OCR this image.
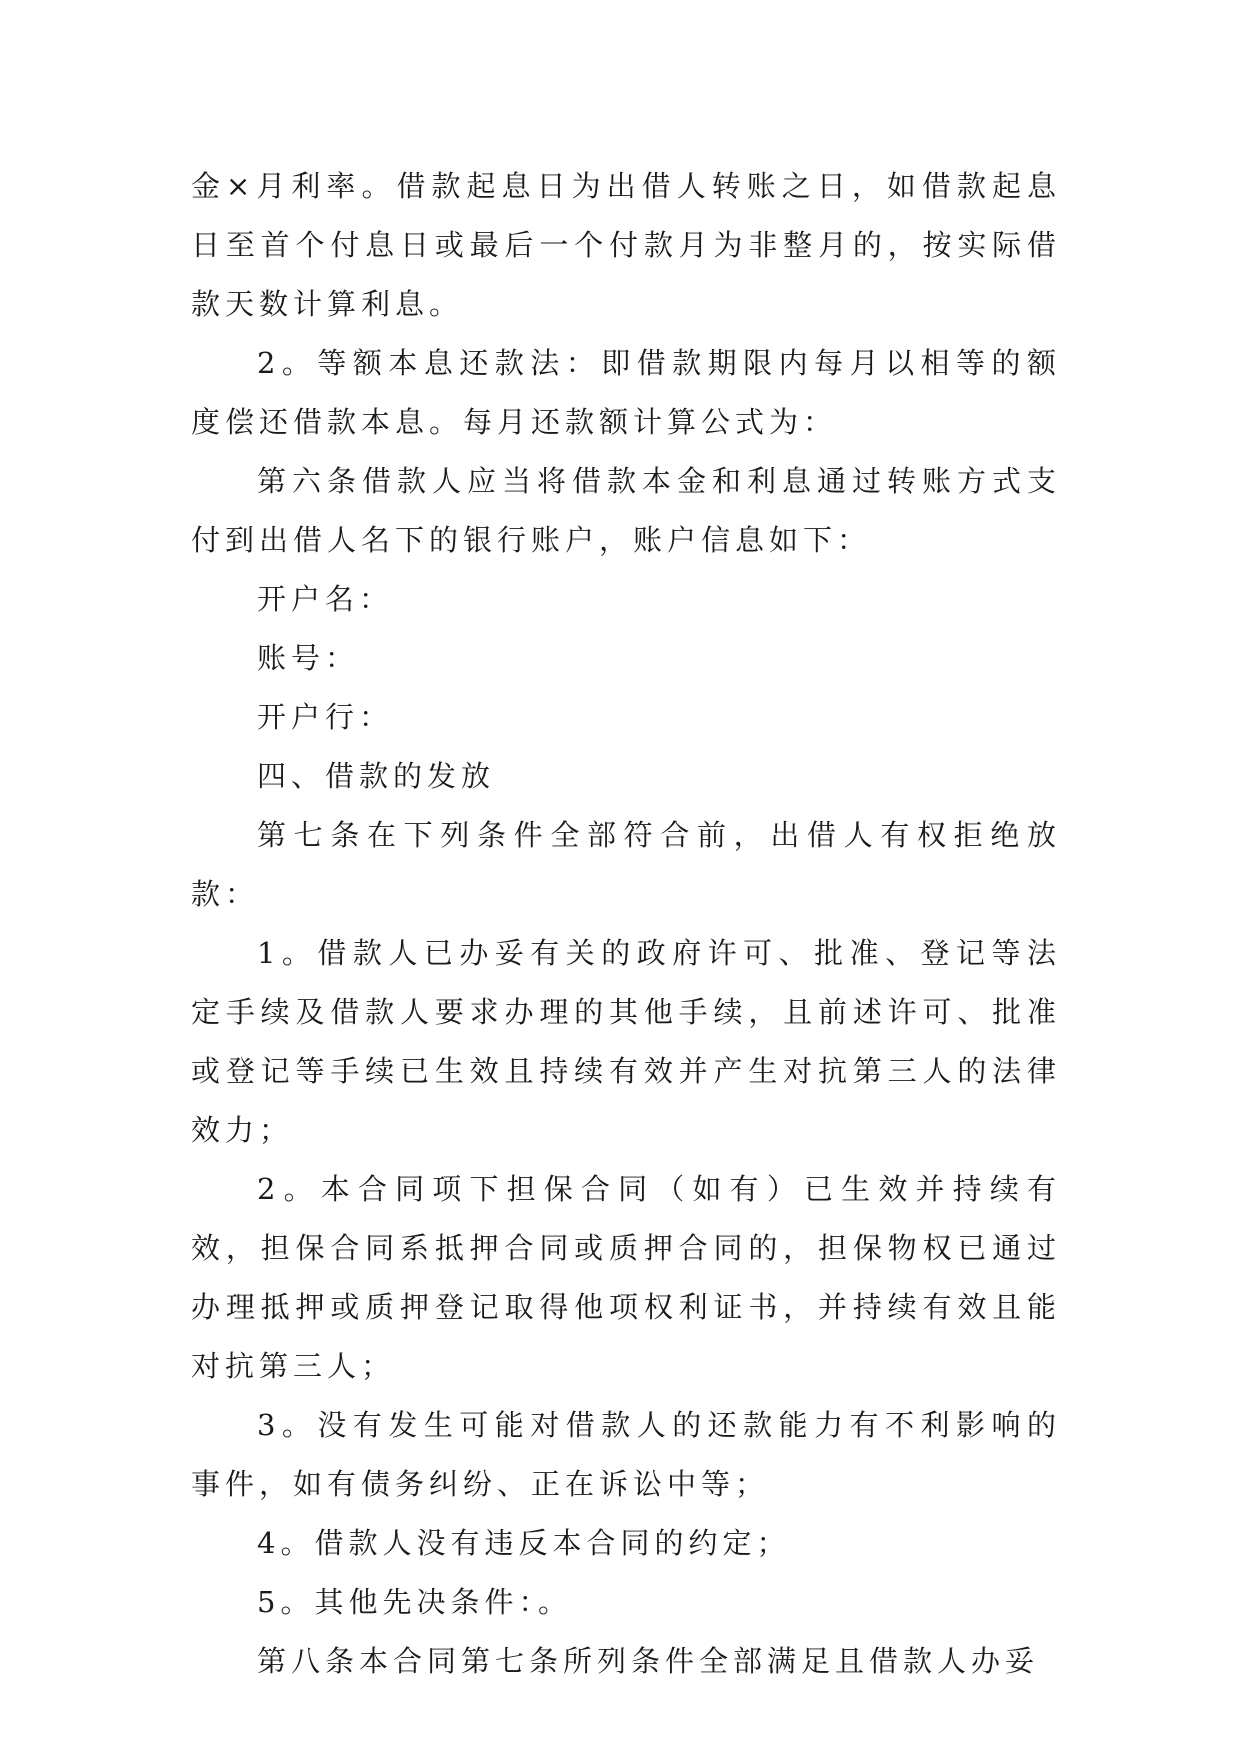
金×月利率。借款起息日为出借人转账之日，如借款起息日至首个付息日或最后一个付款月为非整月的，按实际借款天数计算利息。

2。等额本息还款法：即借款期限内每月以相等的额度偿还借款本息。每月还款额计算公式为：

第六条借款人应当将借款本金和利息通过转账方式支付到出借人名下的银行账户，账户信息如下：

开户名：

账号：

开户行：

四、借款的发放

第七条在下列条件全部符合前，出借人有权拒绝放款：

1。借款人已办妥有关的政府许可、批准、登记等法定手续及借款人要求办理的其他手续，且前述许可、批准或登记等手续已生效且持续有效并产生对抗第三人的法律效力；

2。本合同项下担保合同（如有）已生效并持续有效，担保合同系抵押合同或质押合同的，担保物权已通过办理抵押或质押登记取得他项权利证书，并持续有效且能对抗第三人；

3。没有发生可能对借款人的还款能力有不利影响的事件，如有债务纠纷、正在诉讼中等；

4。借款人没有违反本合同的约定；

5。其他先决条件：。

第八条本合同第七条所列条件全部满足且借款人办妥
